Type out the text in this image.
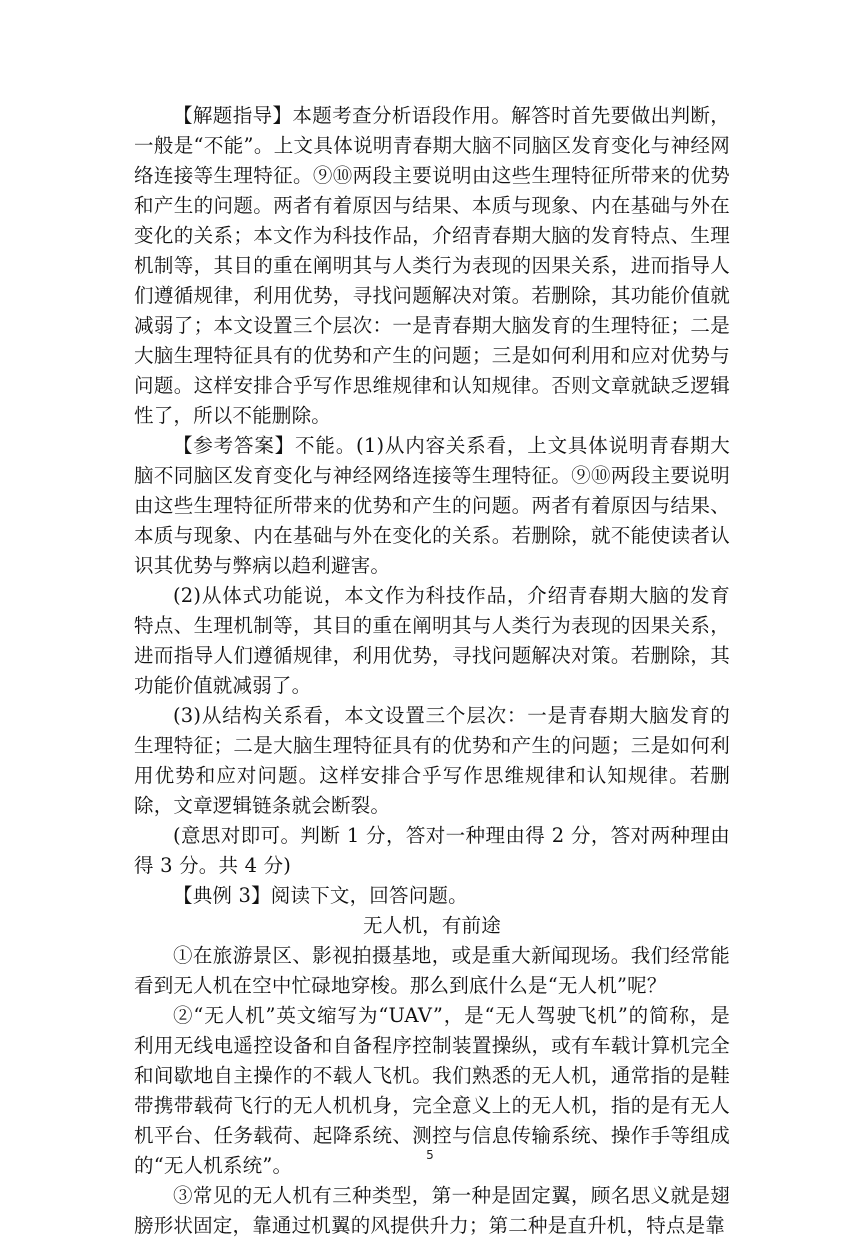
【解题指导】本题考查分析语段作用。解答时首先要做出判断，一般是“不能”。上文具体说明青春期大脑不同脑区发育变化与神经网络连接等生理特征。⑨⑩两段主要说明由这些生理特征所带来的优势和产生的问题。两者有着原因与结果、本质与现象、内在基础与外在变化的关系；本文作为科技作品，介绍青春期大脑的发育特点、生理机制等，其目的重在阐明其与人类行为表现的因果关系，进而指导人们遵循规律，利用优势，寻找问题解决对策。若删除，其功能价值就减弱了；本文设置三个层次：一是青春期大脑发育的生理特征；二是大脑生理特征具有的优势和产生的问题；三是如何利用和应对优势与问题。这样安排合乎写作思维规律和认知规律。否则文章就缺乏逻辑性了，所以不能删除。

【参考答案】不能。(1)从内容关系看，上文具体说明青春期大脑不同脑区发育变化与神经网络连接等生理特征。⑨⑩两段主要说明由这些生理特征所带来的优势和产生的问题。两者有着原因与结果、本质与现象、内在基础与外在变化的关系。若删除，就不能使读者认识其优势与弊病以趋利避害。

(2)从体式功能说，本文作为科技作品，介绍青春期大脑的发育特点、生理机制等，其目的重在阐明其与人类行为表现的因果关系，进而指导人们遵循规律，利用优势，寻找问题解决对策。若删除，其功能价值就减弱了。

(3)从结构关系看，本文设置三个层次：一是青春期大脑发育的生理特征；二是大脑生理特征具有的优势和产生的问题；三是如何利用优势和应对问题。这样安排合乎写作思维规律和认知规律。若删除，文章逻辑链条就会断裂。

(意思对即可。判断 1 分，答对一种理由得 2 分，答对两种理由得 3 分。共 4 分)

【典例 3】阅读下文，回答问题。

无人机，有前途

①在旅游景区、影视拍摄基地，或是重大新闻现场。我们经常能看到无人机在空中忙碌地穿梭。那么到底什么是“无人机”呢？

②“无人机”英文缩写为“UAV”，是“无人驾驶飞机”的简称，是利用无线电遥控设备和自备程序控制装置操纵，或有车载计算机完全和间歇地自主操作的不载人飞机。我们熟悉的无人机，通常指的是鞋带携带载荷飞行的无人机机身，完全意义上的无人机，指的是有无人机平台、任务载荷、起降系统、测控与信息传输系统、操作手等组成的“无人机系统”。

③常见的无人机有三种类型，第一种是固定翼，顾名思义就是翅膀形状固定，靠通过机翼的风提供升力；第二种是直升机，特点是靠

5
